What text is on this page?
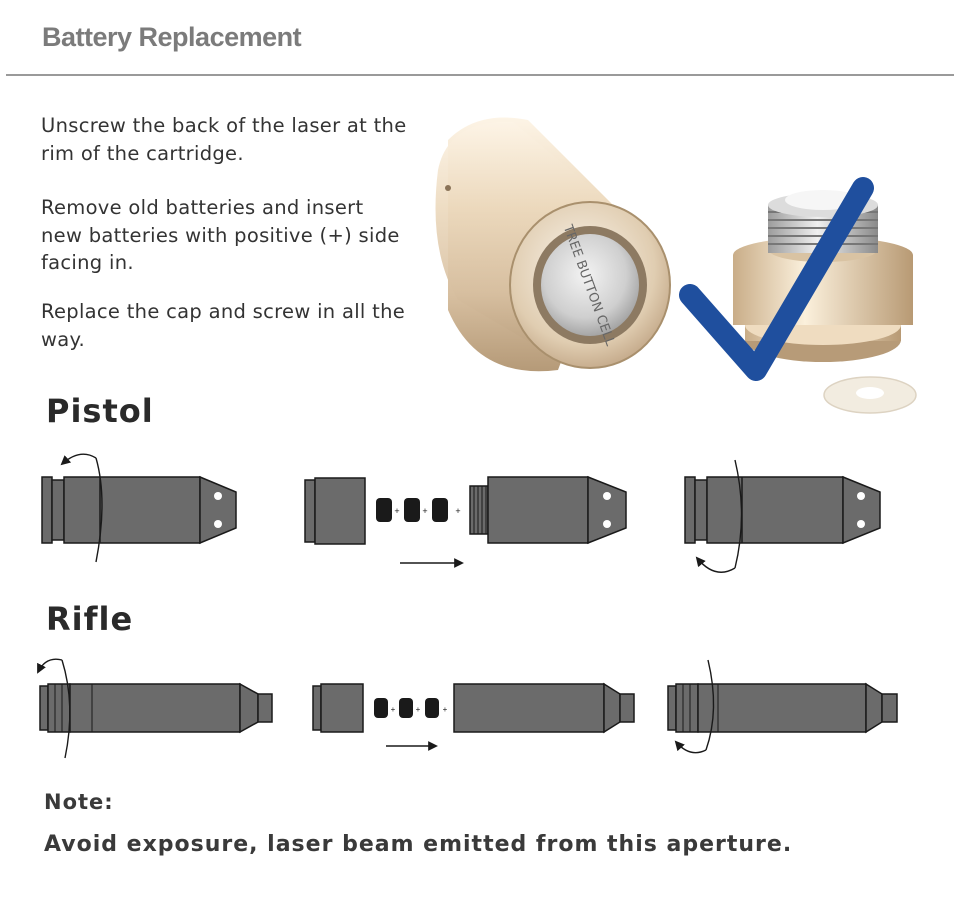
Battery Replacement
Unscrew the back of the laser at the rim of the cartridge.
Remove old batteries and insert new batteries with positive (+) side facing in.
Replace the cap and screw in all the way.	TREE BUTTON CELL
Pistol
Rifle
+	+	+
+	+	+
Note:
Avoid exposure, laser beam emitted from this aperture.
